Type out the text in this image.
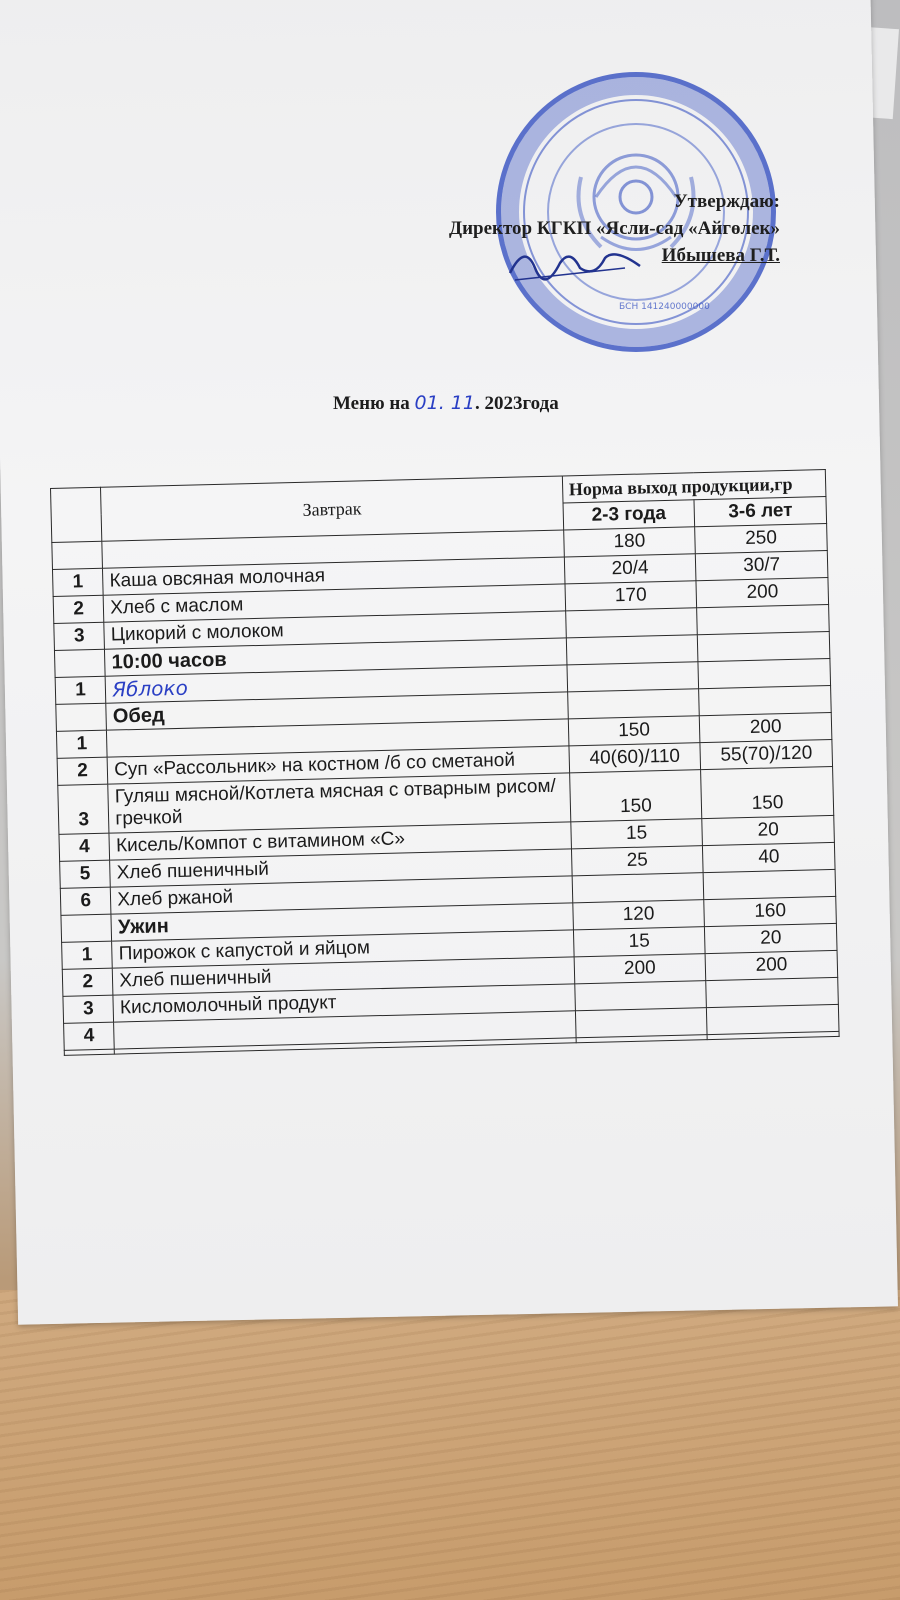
БСН 141240000000
Утверждаю:
Директор КГКП «Ясли-сад «Айгөлек»
Ибышева Г.Т.
Меню на 01. 11. 2023года
	Завтрак	Норма выход продукции,гр	
		2-3 года	3-6 лет
		180	250
1	Каша овсяная молочная	20/4	30/7
2	Хлеб с маслом	170	200
3	Цикорий с молоком		
	10:00 часов		
1	Яблоко		
	Обед		
1		150	200
2	Суп «Рассольник» на костном /б со сметаной	40(60)/110	55(70)/120
3	Гуляш мясной/Котлета мясная с отварным рисом/гречкой	150	150
4	Кисель/Компот с витамином «С»	15	20
5	Хлеб пшеничный	25	40
6	Хлеб ржаной		
	Ужин	120	160
1	Пирожок с капустой и яйцом	15	20
2	Хлеб пшеничный	200	200
3	Кисломолочный продукт		
4			
